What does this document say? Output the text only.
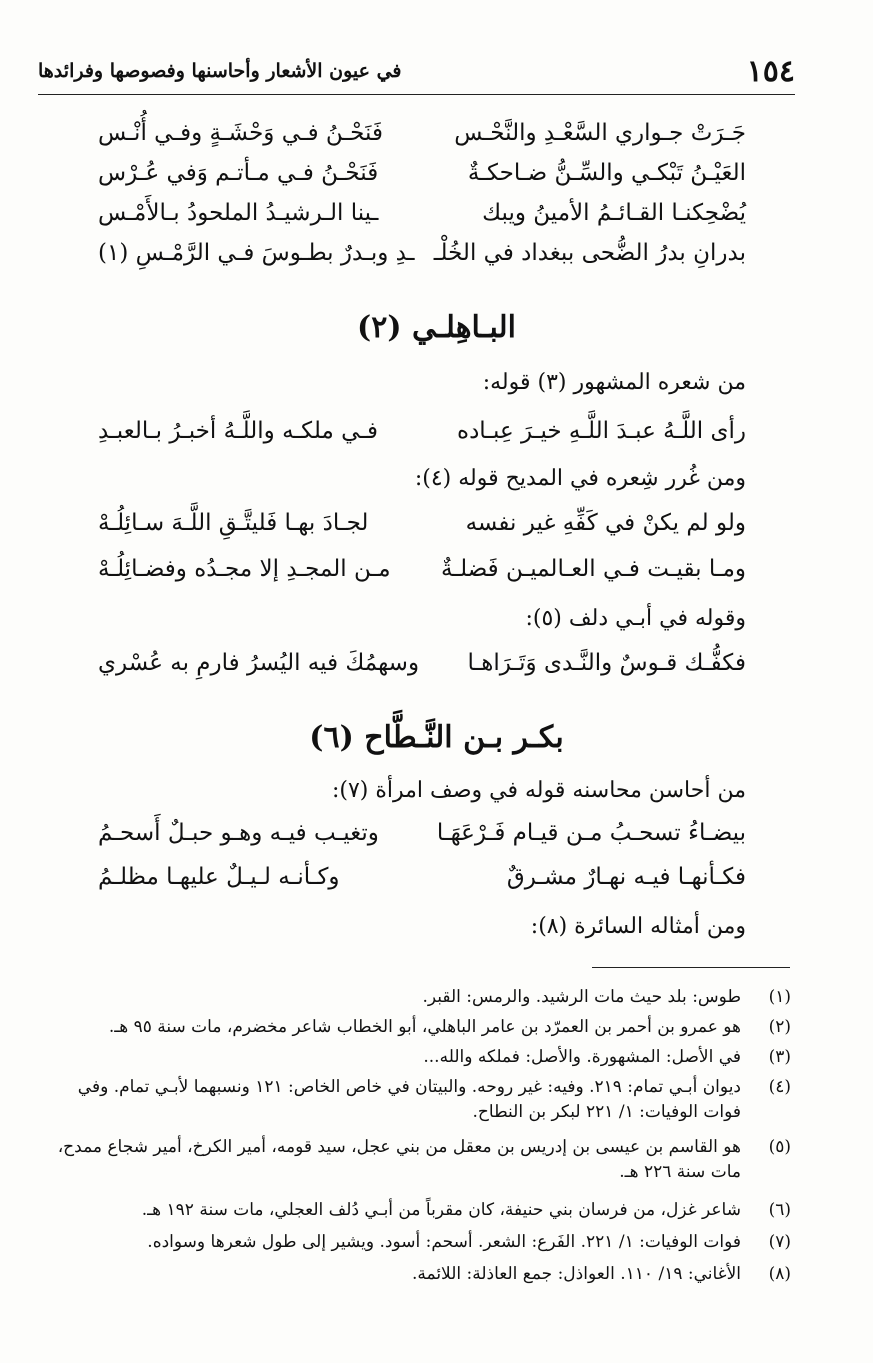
١٥٤
في عيون الأشعار وأحاسنها وفصوصها وفرائدها
جَـرَتْ جـواري السَّعْـدِ والنَّحْـس
فَنَحْـنُ فـي وَحْشَـةٍ وفـي أُنْـس
العَيْـنُ تَبْكـي والسِّـنُّ ضـاحكـةٌ
فَنَحْـنُ فـي مـأتـم وَفي عُـرْس
يُضْحِكنـا القـائـمُ الأمينُ ويبك
ـينا الـرشيـدُ الملحودُ بـالأَمْـس
بدرانِ بدرُ الضُّحى ببغداد في الخُلْـ
ـدِ وبـدرٌ بطـوسَ فـي الرَّمْـسِ (١)
البـاهِلـي (٢)
من شعره المشهور (٣) قوله:
رأى اللَّـهُ عبـدَ اللَّـهِ خيـرَ عِبـاده
فـي ملكـه واللَّـهُ أخبـرُ بـالعبـدِ
ومن غُرر شِعره في المديح قوله (٤):
ولو لم يكنْ في كَفِّهِ غير نفسه
لجـادَ بهـا فَليتَّـقِ اللَّـهَ سـائِلُـهْ
ومـا بقيـت فـي العـالميـن فَضلـةٌ
مـن المجـدِ إلا مجـدُه وفضـائِلُـهْ
وقوله في أبـي دلف (٥):
فكفُّـك قـوسٌ والنَّـدى وَتَـرَاهـا
وسهمُكَ فيه اليُسرُ فارمِ به عُسْري
بكـر بـن النَّـطَّاح (٦)
من أحاسن محاسنه قوله في وصف امرأة (٧):
بيضـاءُ تسحـبُ مـن قيـام فَـرْعَهَـا
وتغيـب فيـه وهـو حبـلٌ أَسحـمُ
فكـأنهـا فيـه نهـارٌ مشـرقٌ
وكـأنـه لـيـلٌ عليهـا مظلـمُ
ومن أمثاله السائرة (٨):
(١)
طوس: بلد حيث مات الرشيد. والرمس: القبر.
(٢)
هو عمرو بن أحمر بن العمرّد بن عامر الباهلي، أبو الخطاب شاعر مخضرم، مات سنة ٩٥ هـ.
(٣)
في الأصل: المشهورة. والأصل: فملكه والله...
(٤)
ديوان أبـي تمام: ٢١٩. وفيه: غير روحه. والبيتان في خاص الخاص: ١٢١ ونسبهما لأبـي تمام. وفي فوات الوفيات: ١/ ٢٢١ لبكر بن النطاح.
(٥)
هو القاسم بن عيسى بن إدريس بن معقل من بني عجل، سيد قومه، أمير الكرخ، أمير شجاع ممدح، مات سنة ٢٢٦ هـ.
(٦)
شاعر غزل، من فرسان بني حنيفة، كان مقرباً من أبـي دُلف العجلي، مات سنة ١٩٢ هـ.
(٧)
فوات الوفيات: ١/ ٢٢١. الفَرع: الشعر. أسحم: أسود. ويشير إلى طول شعرها وسواده.
(٨)
الأغاني: ١٩/ ١١٠. العواذل: جمع العاذلة: اللائمة.
